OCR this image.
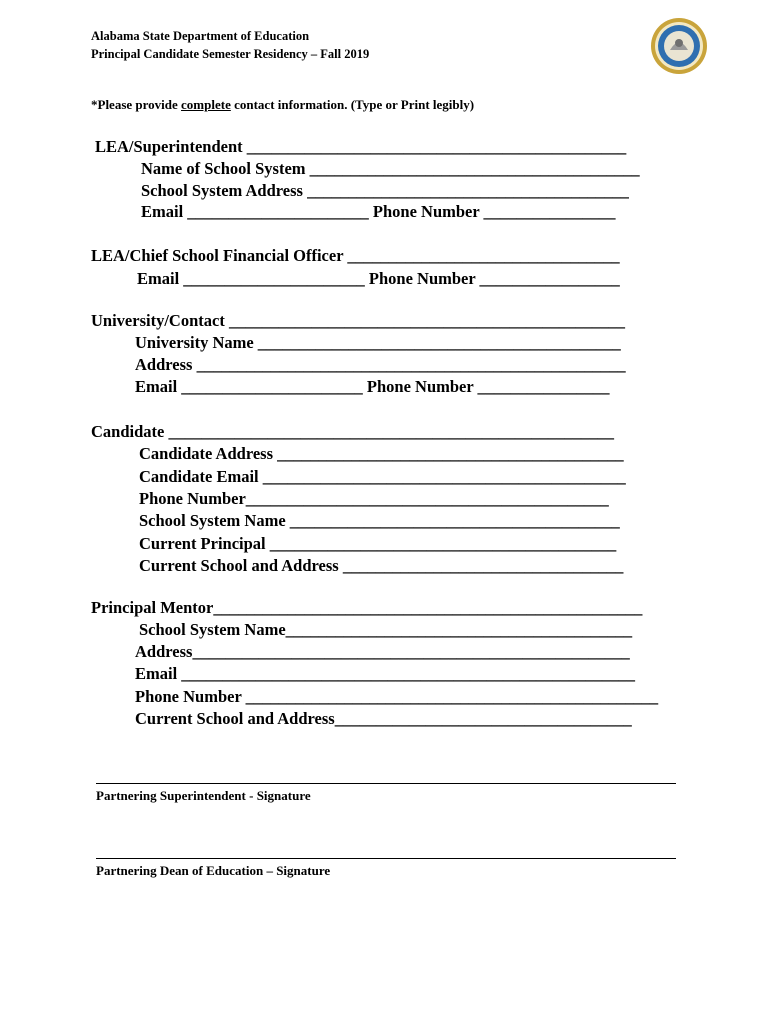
Alabama State Department of Education
Principal Candidate Semester Residency – Fall 2019
*Please provide complete contact information. (Type or Print legibly)
LEA/Superintendent ______________________________________________
Name of School System ________________________________________
School System Address _______________________________________
Email ______________________ Phone Number ________________
LEA/Chief School Financial Officer _________________________________
Email ______________________ Phone Number _________________
University/Contact ________________________________________________
University Name ____________________________________________
Address ____________________________________________________
Email ______________________ Phone Number ________________
Candidate ______________________________________________________
Candidate Address __________________________________________
Candidate Email ____________________________________________
Phone Number____________________________________________
School System Name ________________________________________
Current Principal __________________________________________
Current School and Address __________________________________
Principal Mentor____________________________________________________
School System Name__________________________________________
Address_____________________________________________________
Email _______________________________________________________
Phone Number __________________________________________________
Current School and Address____________________________________
Partnering Superintendent - Signature
Partnering Dean of Education – Signature
